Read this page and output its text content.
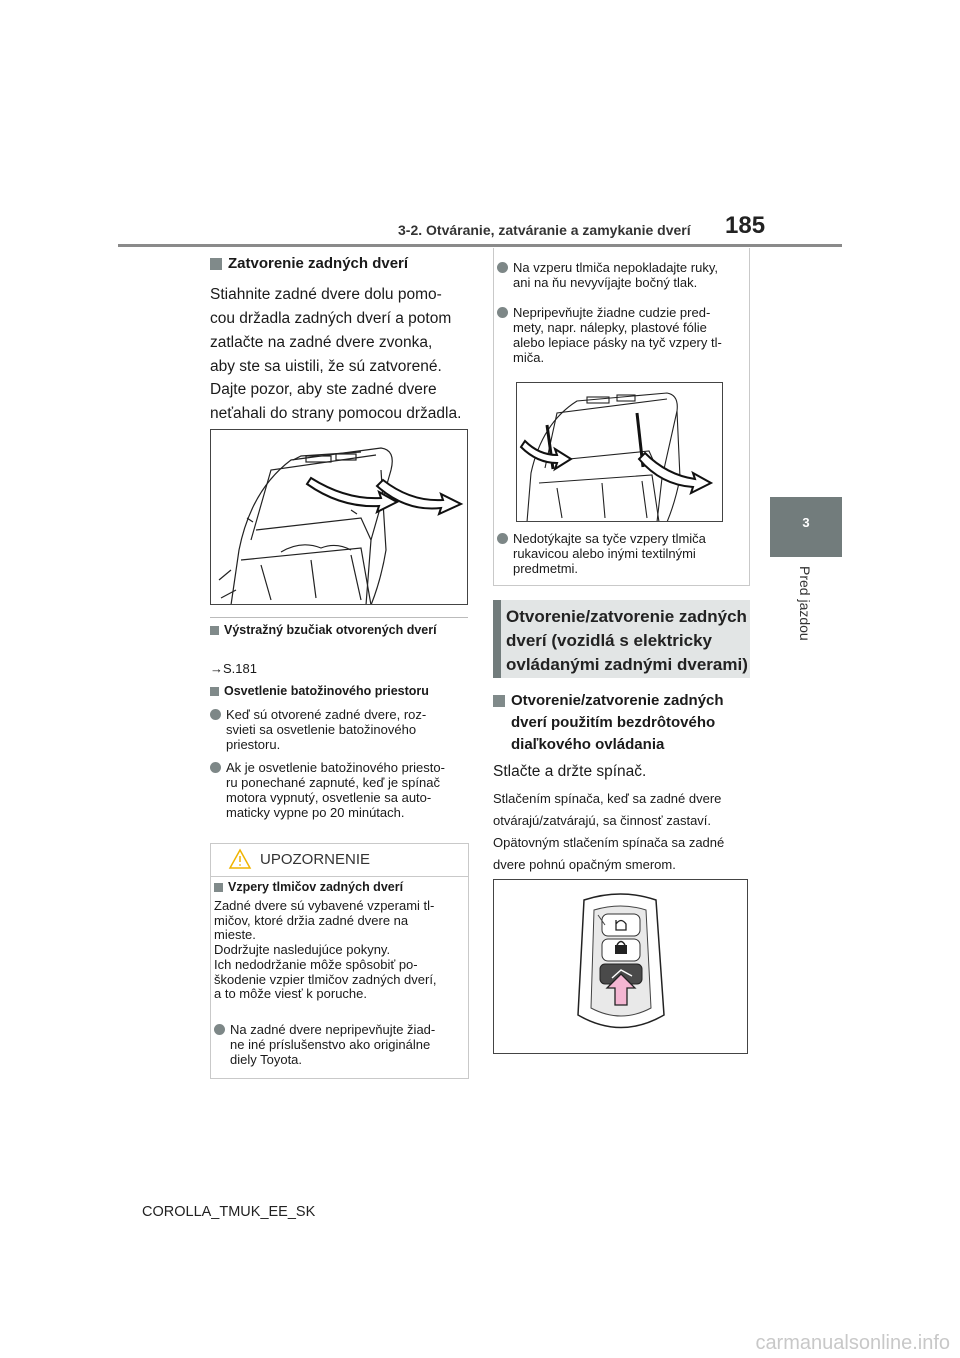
3-2. Otváranie, zatváranie a zamykanie dverí 185
3
Pred jazdou
Zatvorenie zadných dverí
Stiahnite zadné dvere dolu pomo-
cou držadla zadných dverí a potom
zatlačte na zadné dvere zvonka,
aby ste sa uistili, že sú zatvorené.
Dajte pozor, aby ste zadné dvere
neťahali do strany pomocou držadla.
Výstražný bzučiak otvorených dverí
→S.181
Osvetlenie batožinového priestoru
Keď sú otvorené zadné dvere, roz-
svieti sa osvetlenie batožinového
priestoru.
Ak je osvetlenie batožinového priesto-
ru ponechané zapnuté, keď je spínač
motora vypnutý, osvetlenie sa auto-
maticky vypne po 20 minútach.
UPOZORNENIE
Vzpery tlmičov zadných dverí
Zadné dvere sú vybavené vzperami tl-
mičov, ktoré držia zadné dvere na
mieste.
Dodržujte nasledujúce pokyny.
Ich nedodržanie môže spôsobiť po-
škodenie vzpier tlmičov zadných dverí,
a to môže viesť k poruche.
Na zadné dvere nepripevňujte žiad-
ne iné príslušenstvo ako originálne
diely Toyota.
Na vzperu tlmiča nepokladajte ruky,
ani na ňu nevyvíjajte bočný tlak.
Nepripevňujte žiadne cudzie pred-
mety, napr. nálepky, plastové fólie
alebo lepiace pásky na tyč vzpery tl-
miča.
Nedotýkajte sa tyče vzpery tlmiča
rukavicou alebo inými textilnými
predmetmi.
Otvorenie/zatvorenie zadných
dverí (vozidlá s elektricky
ovládanými zadnými dverami)
Otvorenie/zatvorenie zadných
dverí použitím bezdrôtového
diaľkového ovládania
Stlačte a držte spínač.
Stlačením spínača, keď sa zadné dvere
otvárajú/zatvárajú, sa činnosť zastaví.
Opätovným stlačením spínača sa zadné
dvere pohnú opačným smerom.
COROLLA_TMUK_EE_SK
carmanualsonline.info
